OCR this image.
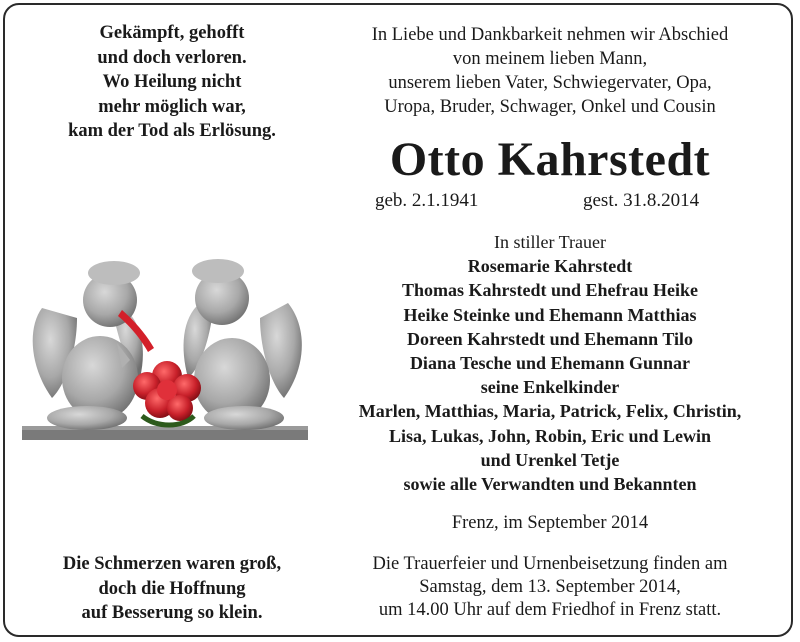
Gekämpft, gehofft
und doch verloren.
Wo Heilung nicht
mehr möglich war,
kam der Tod als Erlösung.
In Liebe und Dankbarkeit nehmen wir Abschied
von meinem lieben Mann,
unserem lieben Vater, Schwiegervater, Opa,
Uropa, Bruder, Schwager, Onkel und Cousin
Otto Kahrstedt
geb. 2.1.1941	gest. 31.8.2014
In stiller Trauer
Rosemarie Kahrstedt
Thomas Kahrstedt und Ehefrau Heike
Heike Steinke und Ehemann Matthias
Doreen Kahrstedt und Ehemann Tilo
Diana Tesche und Ehemann Gunnar
seine Enkelkinder
Marlen, Matthias, Maria, Patrick, Felix, Christin,
Lisa, Lukas, John, Robin, Eric und Lewin
und Urenkel Tetje
sowie alle Verwandten und Bekannten
Frenz, im September 2014
Die Schmerzen waren groß,
doch die Hoffnung
auf Besserung so klein.
Die Trauerfeier und Urnenbeisetzung finden am
Samstag, dem 13. September 2014,
um 14.00 Uhr auf dem Friedhof in Frenz statt.
